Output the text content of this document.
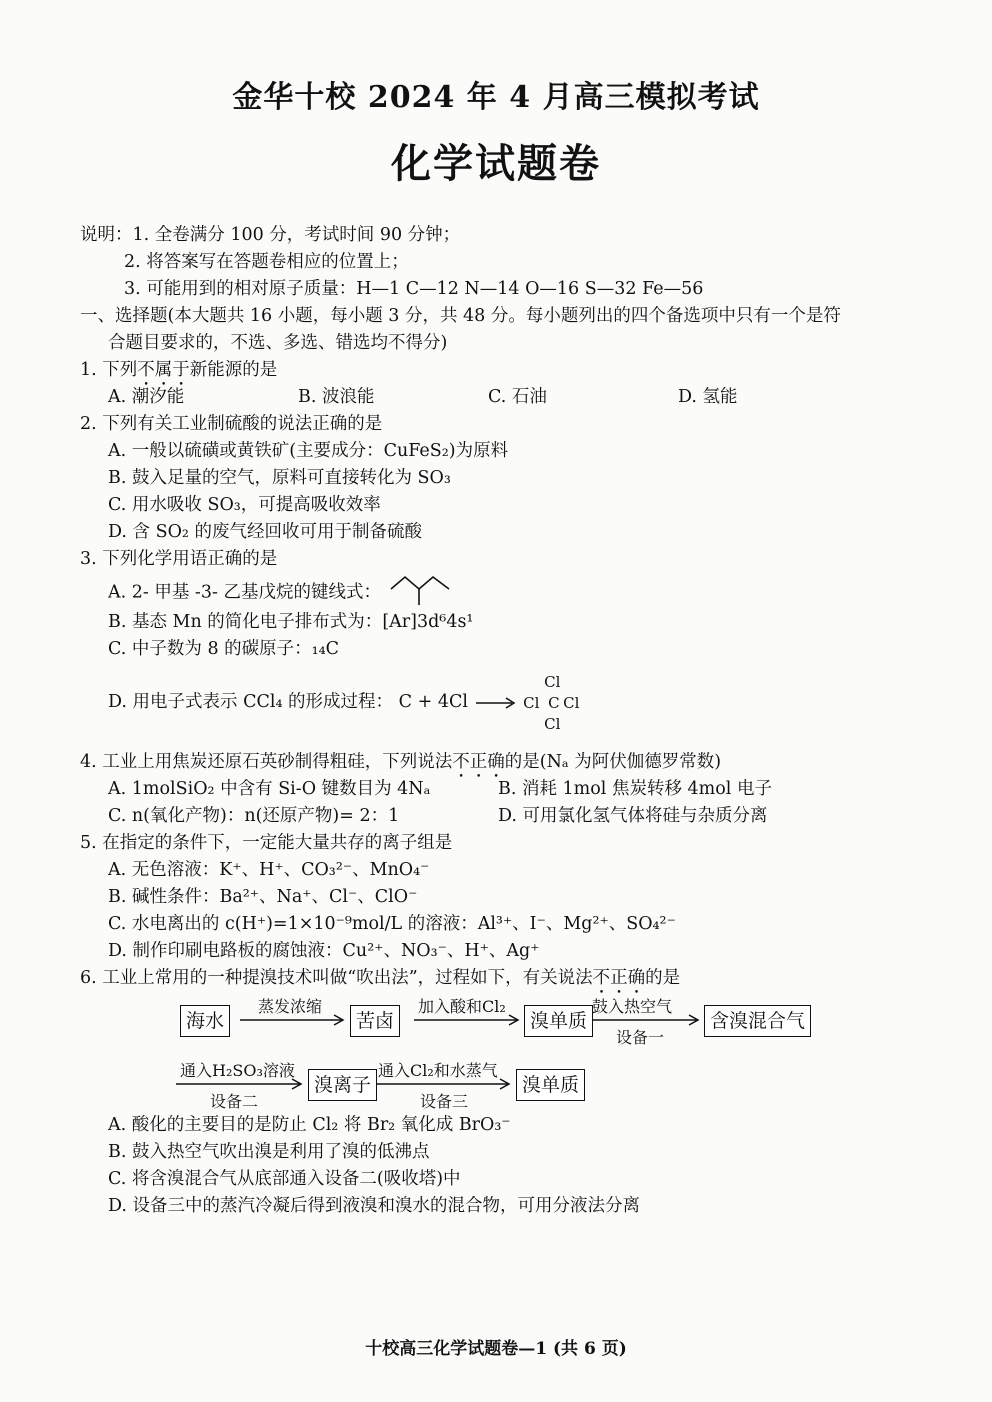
金华十校 2024 年 4 月高三模拟考试
化学试题卷
说明：1. 全卷满分 100 分，考试时间 90 分钟；
2. 将答案写在答题卷相应的位置上；
3. 可能用到的相对原子质量：H—1 C—12 N—14 O—16 S—32 Fe—56
一、选择题(本大题共 16 小题，每小题 3 分，共 48 分。每小题列出的四个备选项中只有一个是符
合题目要求的，不选、多选、错选均不得分)
1. 下列不属于新能源的是
A. 潮汐能	B. 波浪能	C. 石油	D. 氢能
2. 下列有关工业制硫酸的说法正确的是
A. 一般以硫磺或黄铁矿(主要成分：CuFeS₂)为原料
B. 鼓入足量的空气，原料可直接转化为 SO₃
C. 用水吸收 SO₃，可提高吸收效率
D. 含 SO₂ 的废气经回收可用于制备硫酸
3. 下列化学用语正确的是
A. 2- 甲基 -3- 乙基戊烷的键线式：
B. 基态 Mn 的简化电子排布式为：[Ar]3d⁶4s¹
C. 中子数为 8 的碳原子：₁₄C
D. 用电子式表示 CCl₄ 的形成过程： C + 4Cl
Cl
Cl C Cl
Cl
4. 工业上用焦炭还原石英砂制得粗硅，下列说法不正确的是(Nₐ 为阿伏伽德罗常数)
A. 1molSiO₂ 中含有 Si-O 键数目为 4Nₐ	B. 消耗 1mol 焦炭转移 4mol 电子
C. n(氧化产物)：n(还原产物)= 2：1	D. 可用氯化氢气体将硅与杂质分离
5. 在指定的条件下，一定能大量共存的离子组是
A. 无色溶液：K⁺、H⁺、CO₃²⁻、MnO₄⁻
B. 碱性条件：Ba²⁺、Na⁺、Cl⁻、ClO⁻
C. 水电离出的 c(H⁺)=1×10⁻⁹mol/L 的溶液：Al³⁺、I⁻、Mg²⁺、SO₄²⁻
D. 制作印刷电路板的腐蚀液：Cu²⁺、NO₃⁻、H⁺、Ag⁺
6. 工业上常用的一种提溴技术叫做“吹出法”，过程如下，有关说法不正确的是
海水
蒸发浓缩
苦卤
加入酸和Cl₂
溴单质
鼓入热空气
设备一
含溴混合气
通入H₂SO₃溶液
设备二
溴离子
通入Cl₂和水蒸气
设备三
溴单质
A. 酸化的主要目的是防止 Cl₂ 将 Br₂ 氧化成 BrO₃⁻
B. 鼓入热空气吹出溴是利用了溴的低沸点
C. 将含溴混合气从底部通入设备二(吸收塔)中
D. 设备三中的蒸汽冷凝后得到液溴和溴水的混合物，可用分液法分离
十校高三化学试题卷—1 (共 6 页)
